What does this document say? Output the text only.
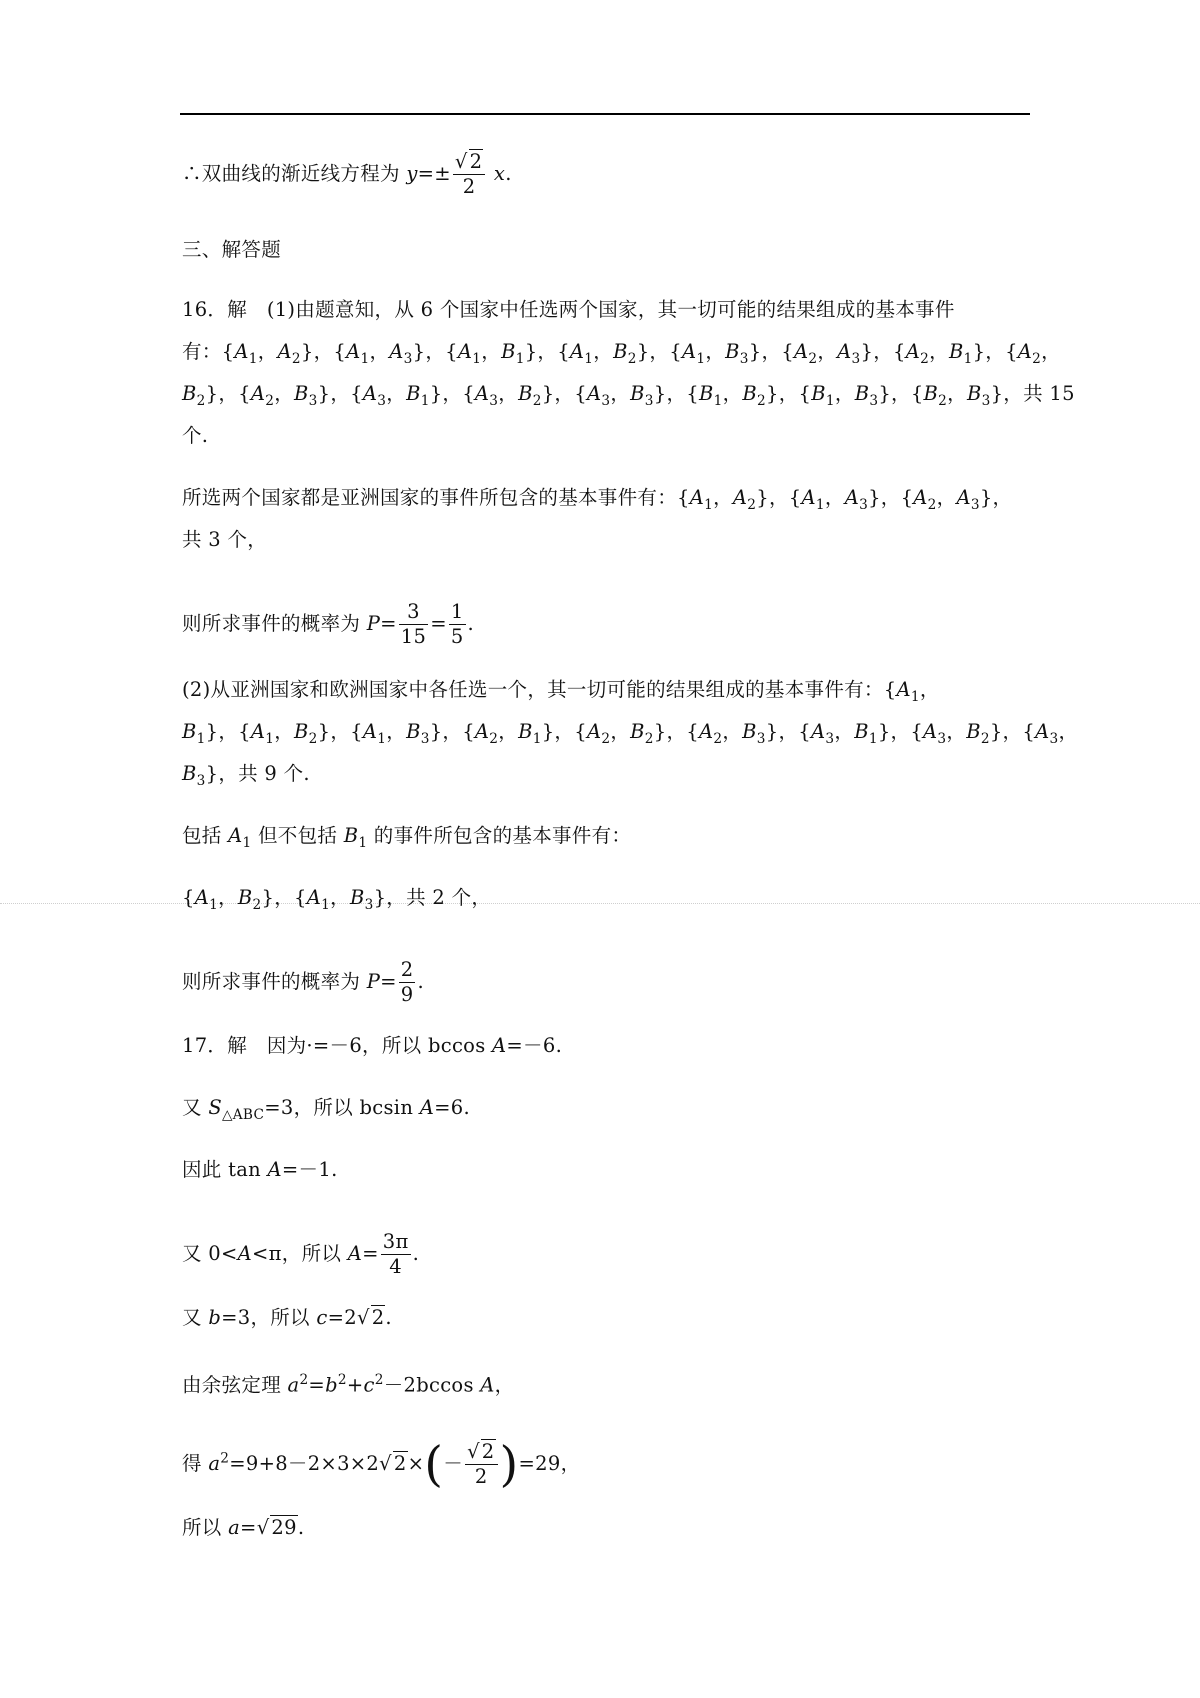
∴双曲线的渐近线方程为 $y=\pm \frac{√ 2}{2} x$.
三、解答题
16．解　(1)由题意知，从 6 个国家中任选两个国家，其一切可能的结果组成的基本事件
有：{$A_1$，$A_2$}，{$A_1$，$A_3$}，{$A_1$，$B_1$}，{$A_1$，$B_2$}，{$A_1$，$B_3$}，{$A_2$，$A_3$}，{$A_2$，$B_1$}，{$A_2$，
$B_2$}，{$A_2$，$B_3$}，{$A_3$，$B_1$}，{$A_3$，$B_2$}，{$A_3$，$B_3$}，{$B_1$，$B_2$}，{$B_1$，$B_3$}，{$B_2$，$B_3$}，共 15
个.
所选两个国家都是亚洲国家的事件所包含的基本事件有：{$A_1$，$A_2$}，{$A_1$，$A_3$}，{$A_2$，$A_3$}，
共 3 个，
则所求事件的概率为 $P= \frac{3}{15} = \frac{1}{5}$ .
(2)从亚洲国家和欧洲国家中各任选一个，其一切可能的结果组成的基本事件有：{$A_1$，
$B_1$}，{$A_1$，$B_2$}，{$A_1$，$B_3$}，{$A_2$，$B_1$}，{$A_2$，$B_2$}，{$A_2$，$B_3$}，{$A_3$，$B_1$}，{$A_3$，$B_2$}，{$A_3$，
$B_3$}，共 9 个.
包括 $A_1$ 但不包括 $B_1$ 的事件所包含的基本事件有：
{$A_1$，$B_2$}，{$A_1$，$B_3$}，共 2 个，
则所求事件的概率为 $P= \frac{2}{9}$ .
17．解　因为·=－6，所以 bccos A=－6.
又 $S_{\triangle ABC}=3$，所以 bcsin A=6.
因此 tan A=－1.
又 0<A<π，所以 $A= \frac{3\pi}{4}$ .
又 b=3，所以 c=2√ 2.
由余弦定理 $a^2=b^2+c^2-2bccos$ A，
得 $a^2=9+8-2\times 3\times 2√$ $2\times(- \frac{√ 2}{2} )=29$，
所以 a=√ 29.
